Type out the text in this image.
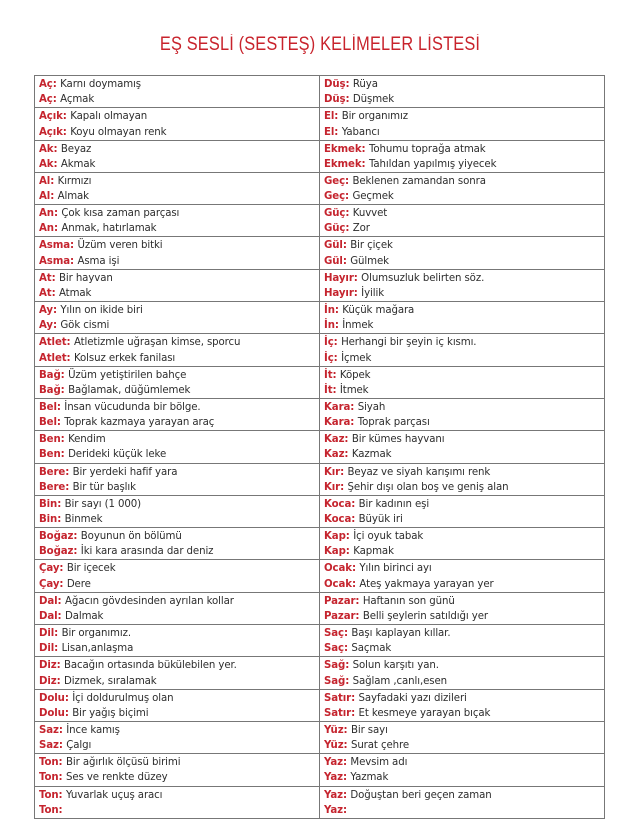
EŞ SESLİ (SESTEŞ) KELİMELER LİSTESİ
Aç: Karnı doymamış
Aç: Açmak
Düş: Rüya
Düş: Düşmek
Açık: Kapalı olmayan
Açık: Koyu olmayan renk
El: Bir organımız
El: Yabancı
Ak: Beyaz
Ak: Akmak
Ekmek: Tohumu toprağa atmak
Ekmek: Tahıldan yapılmış yiyecek
Al: Kırmızı
Al: Almak
Geç: Beklenen zamandan sonra
Geç: Geçmek
An: Çok kısa zaman parçası
An: Anmak, hatırlamak
Güç: Kuvvet
Güç: Zor
Asma: Üzüm veren bitki
Asma: Asma işi
Gül: Bir çiçek
Gül: Gülmek
At: Bir hayvan
At: Atmak
Hayır: Olumsuzluk belirten söz.
Hayır: İyilik
Ay: Yılın on ikide biri
Ay: Gök cismi
İn: Küçük mağara
İn: İnmek
Atlet: Atletizmle uğraşan kimse, sporcu
Atlet: Kolsuz erkek fanilası
İç: Herhangi bir şeyin iç kısmı.
İç: İçmek
Bağ: Üzüm yetiştirilen bahçe
Bağ: Bağlamak, düğümlemek
İt: Köpek
İt: İtmek
Bel: İnsan vücudunda bir bölge.
Bel: Toprak kazmaya yarayan araç
Kara: Siyah
Kara: Toprak parçası
Ben: Kendim
Ben: Derideki küçük leke
Kaz: Bir kümes hayvanı
Kaz: Kazmak
Bere: Bir yerdeki hafif yara
Bere: Bir tür başlık
Kır: Beyaz ve siyah karışımı renk
Kır: Şehir dışı olan boş ve geniş alan
Bin: Bir sayı (1 000)
Bin: Binmek
Koca: Bir kadının eşi
Koca: Büyük iri
Boğaz: Boyunun ön bölümü
Boğaz: İki kara arasında dar deniz
Kap: İçi oyuk tabak
Kap: Kapmak
Çay: Bir içecek
Çay: Dere
Ocak: Yılın birinci ayı
Ocak: Ateş yakmaya yarayan yer
Dal: Ağacın gövdesinden ayrılan kollar
Dal: Dalmak
Pazar: Haftanın son günü
Pazar: Belli şeylerin satıldığı yer
Dil: Bir organımız.
Dil: Lisan,anlaşma
Saç: Başı kaplayan kıllar.
Saç: Saçmak
Diz: Bacağın ortasında bükülebilen yer.
Diz: Dizmek, sıralamak
Sağ: Solun karşıtı yan.
Sağ: Sağlam ,canlı,esen
Dolu: İçi doldurulmuş olan
Dolu: Bir yağış biçimi
Satır: Sayfadaki yazı dizileri
Satır: Et kesmeye yarayan bıçak
Saz: İnce kamış
Saz: Çalgı
Yüz: Bir sayı
Yüz: Surat çehre
Ton: Bir ağırlık ölçüsü birimi
Ton: Ses ve renkte düzey
Yaz: Mevsim adı
Yaz: Yazmak
Ton: Yuvarlak uçuş aracı
Ton:
Yaz: Doğuştan beri geçen zaman
Yaz:
